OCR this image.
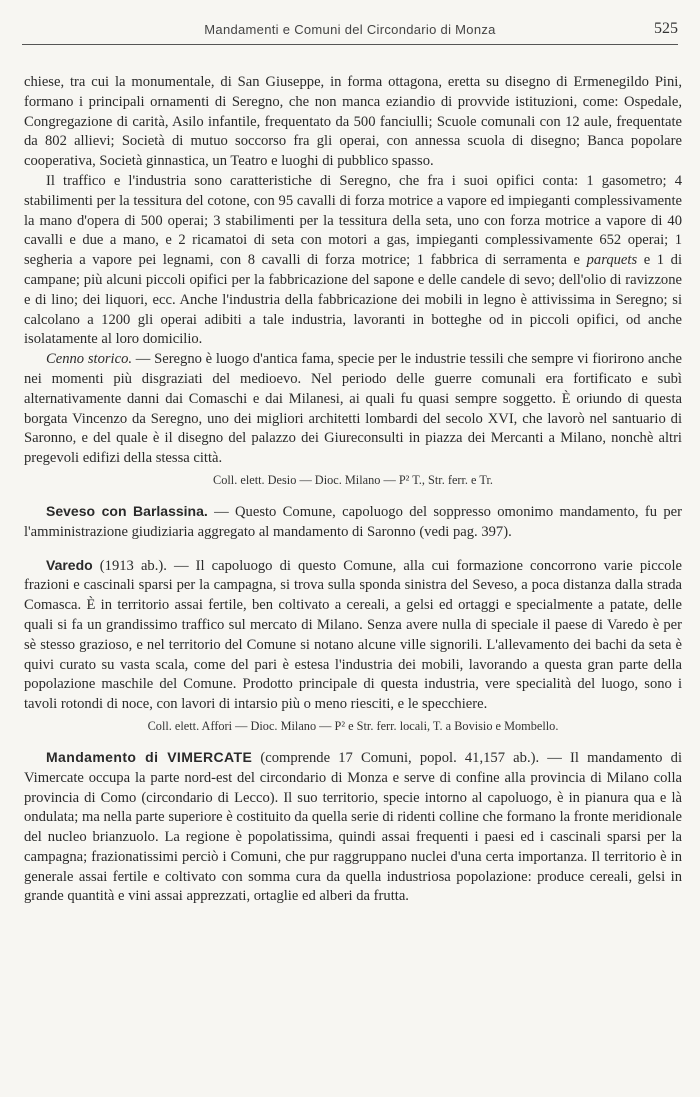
Mandamenti e Comuni del Circondario di Monza	525

chiese, tra cui la monumentale, di San Giuseppe, in forma ottagona, eretta su disegno di Ermenegildo Pini, formano i principali ornamenti di Seregno, che non manca eziandio di provvide istituzioni, come: Ospedale, Congregazione di carità, Asilo infantile, frequentato da 500 fanciulli; Scuole comunali con 12 aule, frequentate da 802 allievi; Società di mutuo soccorso fra gli operai, con annessa scuola di disegno; Banca popolare cooperativa, Società ginnastica, un Teatro e luoghi di pubblico spasso.

Il traffico e l'industria sono caratteristiche di Seregno, che fra i suoi opifici conta: 1 gasometro; 4 stabilimenti per la tessitura del cotone, con 95 cavalli di forza motrice a vapore ed impieganti complessivamente la mano d'opera di 500 operai; 3 stabilimenti per la tessitura della seta, uno con forza motrice a vapore di 40 cavalli e due a mano, e 2 ricamatoi di seta con motori a gas, impieganti complessivamente 652 operai; 1 segheria a vapore pei legnami, con 8 cavalli di forza motrice; 1 fabbrica di serramenta e parquets e 1 di campane; più alcuni piccoli opifici per la fabbricazione del sapone e delle candele di sevo; dell'olio di ravizzone e di lino; dei liquori, ecc. Anche l'industria della fabbricazione dei mobili in legno è attivissima in Seregno; si calcolano a 1200 gli operai adibiti a tale industria, lavoranti in botteghe od in piccoli opifici, od anche isolatamente al loro domicilio.

Cenno storico. — Seregno è luogo d'antica fama, specie per le industrie tessili che sempre vi fiorirono anche nei momenti più disgraziati del medioevo. Nel periodo delle guerre comunali era fortificato e subì alternativamente danni dai Comaschi e dai Milanesi, ai quali fu quasi sempre soggetto. È oriundo di questa borgata Vincenzo da Seregno, uno dei migliori architetti lombardi del secolo XVI, che lavorò nel santuario di Saronno, e del quale è il disegno del palazzo dei Giureconsulti in piazza dei Mercanti a Milano, nonchè altri pregevoli edifizi della stessa città.

Coll. elett. Desio — Dioc. Milano — P² T., Str. ferr. e Tr.

Seveso con Barlassina. — Questo Comune, capoluogo del soppresso omonimo mandamento, fu per l'amministrazione giudiziaria aggregato al mandamento di Saronno (vedi pag. 397).

Varedo (1913 ab.). — Il capoluogo di questo Comune, alla cui formazione concorrono varie piccole frazioni e cascinali sparsi per la campagna, si trova sulla sponda sinistra del Seveso, a poca distanza dalla strada Comasca. È in territorio assai fertile, ben coltivato a cereali, a gelsi ed ortaggi e specialmente a patate, delle quali si fa un grandissimo traffico sul mercato di Milano. Senza avere nulla di speciale il paese di Varedo è per sè stesso grazioso, e nel territorio del Comune si notano alcune ville signorili. L'allevamento dei bachi da seta è quivi curato su vasta scala, come del pari è estesa l'industria dei mobili, lavorando a questa gran parte della popolazione maschile del Comune. Prodotto principale di questa industria, vere specialità del luogo, sono i tavoli rotondi di noce, con lavori di intarsio più o meno riesciti, e le specchiere.

Coll. elett. Affori — Dioc. Milano — P² e Str. ferr. locali, T. a Bovisio e Mombello.

Mandamento di VIMERCATE (comprende 17 Comuni, popol. 41,157 ab.). — Il mandamento di Vimercate occupa la parte nord-est del circondario di Monza e serve di confine alla provincia di Milano colla provincia di Como (circondario di Lecco). Il suo territorio, specie intorno al capoluogo, è in pianura qua e là ondulata; ma nella parte superiore è costituito da quella serie di ridenti colline che formano la fronte meridionale del nucleo brianzuolo. La regione è popolatissima, quindi assai frequenti i paesi ed i cascinali sparsi per la campagna; frazionatissimi perciò i Comuni, che pur raggruppano nuclei d'una certa importanza. Il territorio è in generale assai fertile e coltivato con somma cura da quella industriosa popolazione: produce cereali, gelsi in grande quantità e vini assai apprezzati, ortaglie ed alberi da frutta.
